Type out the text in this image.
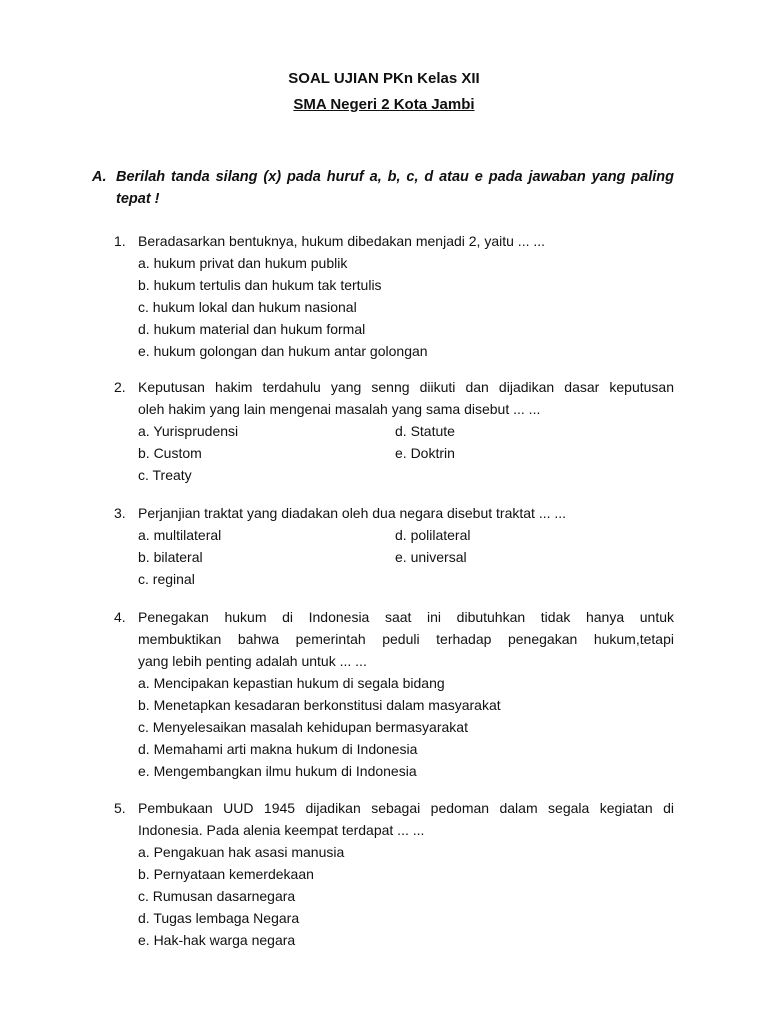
SOAL UJIAN PKn Kelas XII
SMA Negeri 2 Kota Jambi
A. Berilah tanda silang (x) pada huruf a, b, c, d atau e pada jawaban yang paling tepat !
1. Beradasarkan bentuknya, hukum dibedakan menjadi 2, yaitu ... ...
a. hukum privat dan hukum publik
b. hukum tertulis dan hukum tak tertulis
c. hukum lokal dan hukum nasional
d. hukum material dan hukum formal
e. hukum golongan dan hukum antar golongan
2. Keputusan hakim terdahulu yang senng diikuti dan dijadikan dasar keputusan
oleh hakim yang lain mengenai masalah yang sama disebut ... ...
a. Yurisprudensi	d. Statute
b. Custom	e. Doktrin
c. Treaty
3. Perjanjian traktat yang diadakan oleh dua negara disebut traktat ... ...
a. multilateral	d. polilateral
b. bilateral	e. universal
c. reginal
4. Penegakan hukum di Indonesia saat ini dibutuhkan tidak hanya untuk
membuktikan bahwa pemerintah peduli terhadap penegakan hukum,tetapi
yang lebih penting adalah untuk ... ...
a. Mencipakan kepastian hukum di segala bidang
b. Menetapkan kesadaran berkonstitusi dalam masyarakat
c. Menyelesaikan masalah kehidupan bermasyarakat
d. Memahami arti makna hukum di Indonesia
e. Mengembangkan ilmu hukum di Indonesia
5. Pembukaan UUD 1945 dijadikan sebagai pedoman dalam segala kegiatan di
Indonesia. Pada alenia keempat terdapat ... ...
a. Pengakuan hak asasi manusia
b. Pernyataan kemerdekaan
c. Rumusan dasarnegara
d. Tugas lembaga Negara
e. Hak-hak warga negara
